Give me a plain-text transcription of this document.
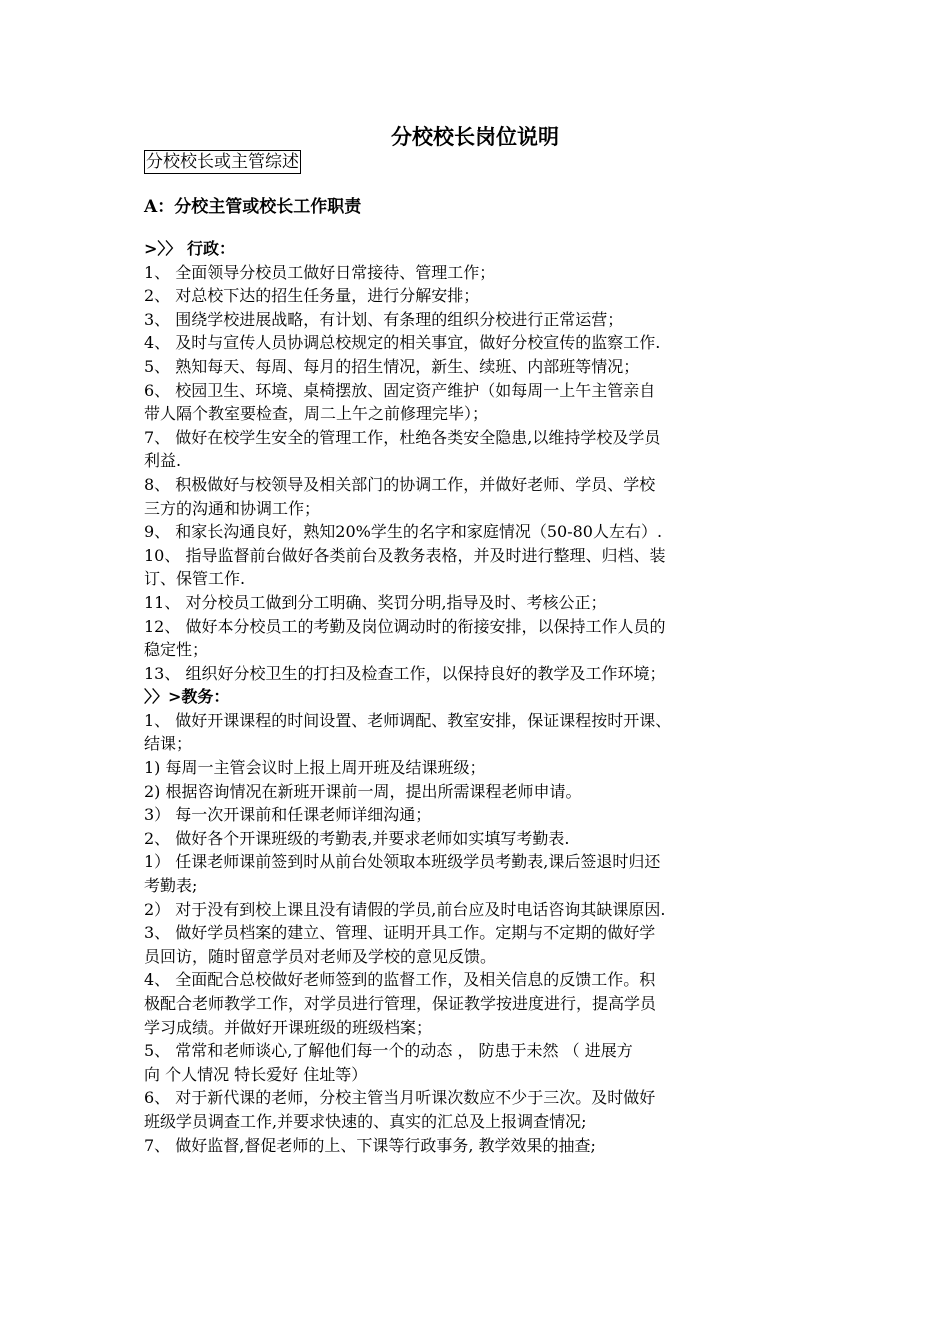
分校校长岗位说明
分校校长或主管综述
A：分校主管或校长工作职责
>〉〉 行政：
1、 全面领导分校员工做好日常接待、管理工作；
2、 对总校下达的招生任务量，进行分解安排；
3、 围绕学校进展战略，有计划、有条理的组织分校进行正常运营；
4、 及时与宣传人员协调总校规定的相关事宜，做好分校宣传的监察工作.
5、 熟知每天、每周、每月的招生情况，新生、续班、内部班等情况；
6、 校园卫生、环境、桌椅摆放、固定资产维护（如每周一上午主管亲自
带人隔个教室要检查，周二上午之前修理完毕）；
7、 做好在校学生安全的管理工作，杜绝各类安全隐患,以维持学校及学员
利益.
8、 积极做好与校领导及相关部门的协调工作，并做好老师、学员、学校
三方的沟通和协调工作；
9、 和家长沟通良好，熟知20%学生的名字和家庭情况（50-80人左右）.
10、 指导监督前台做好各类前台及教务表格，并及时进行整理、归档、装
订、保管工作.
11、 对分校员工做到分工明确、奖罚分明,指导及时、考核公正；
12、 做好本分校员工的考勤及岗位调动时的衔接安排，以保持工作人员的
稳定性；
13、 组织好分校卫生的打扫及检查工作，以保持良好的教学及工作环境；
〉〉>教务：
1、 做好开课课程的时间设置、老师调配、教室安排，保证课程按时开课、
结课；
1) 每周一主管会议时上报上周开班及结课班级；
2) 根据咨询情况在新班开课前一周，提出所需课程老师申请。
3） 每一次开课前和任课老师详细沟通；
2、 做好各个开课班级的考勤表,并要求老师如实填写考勤表.
1） 任课老师课前签到时从前台处领取本班级学员考勤表,课后签退时归还
考勤表;
2） 对于没有到校上课且没有请假的学员,前台应及时电话咨询其缺课原因.
3、 做好学员档案的建立、管理、证明开具工作。定期与不定期的做好学
员回访，随时留意学员对老师及学校的意见反馈。
4、 全面配合总校做好老师签到的监督工作，及相关信息的反馈工作。积
极配合老师教学工作，对学员进行管理，保证教学按进度进行，提高学员
学习成绩。并做好开课班级的班级档案；
5、 常常和老师谈心,了解他们每一个的动态 ， 防患于未然 （ 进展方
向 个人情况 特长爱好 住址等）
6、 对于新代课的老师，分校主管当月听课次数应不少于三次。及时做好
班级学员调查工作,并要求快速的、真实的汇总及上报调查情况;
7、 做好监督,督促老师的上、下课等行政事务, 教学效果的抽查;
